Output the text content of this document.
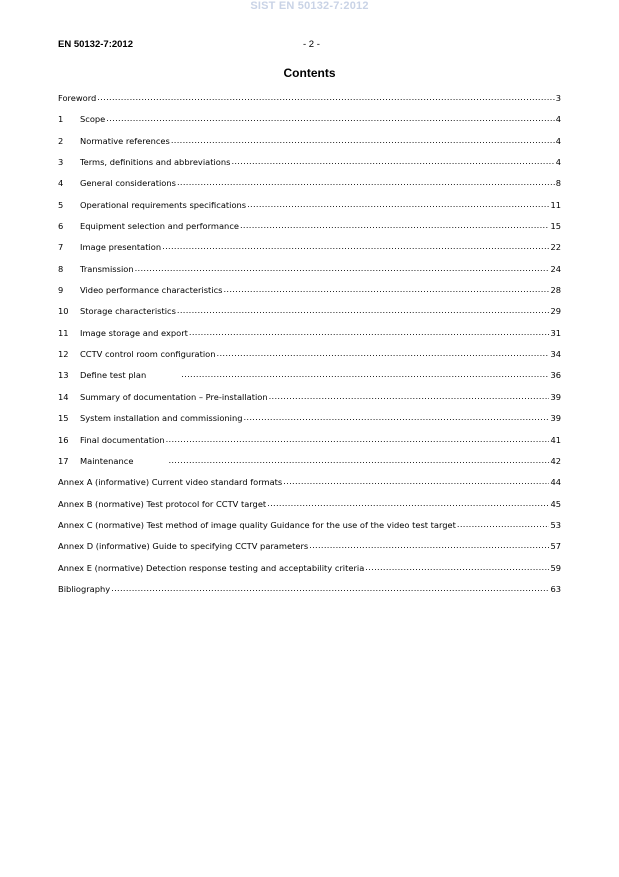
SIST EN 50132-7:2012
EN 50132-7:2012	- 2 -
Contents
Foreword .....	3
1	Scope .....	4
2	Normative references .....	4
3	Terms, definitions and abbreviations .....	4
4	General considerations .....	8
5	Operational requirements specifications .....	11
6	Equipment selection and performance .....	15
7	Image presentation .....	22
8	Transmission .....	24
9	Video performance characteristics .....	28
10	Storage characteristics .....	29
11	Image storage and export .....	31
12	CCTV control room configuration .....	34
13	Define test plan .....	36
14	Summary of documentation – Pre-installation .....	39
15	System installation and commissioning .....	39
16	Final documentation .....	41
17	Maintenance .....	42
Annex A (informative) Current video standard formats .....	44
Annex B (normative) Test protocol for CCTV target .....	45
Annex C (normative) Test method of image quality Guidance for the use of the video test target .....	53
Annex D (informative) Guide to specifying CCTV parameters .....	57
Annex E (normative) Detection response testing and acceptability criteria .....	59
Bibliography .....	63
